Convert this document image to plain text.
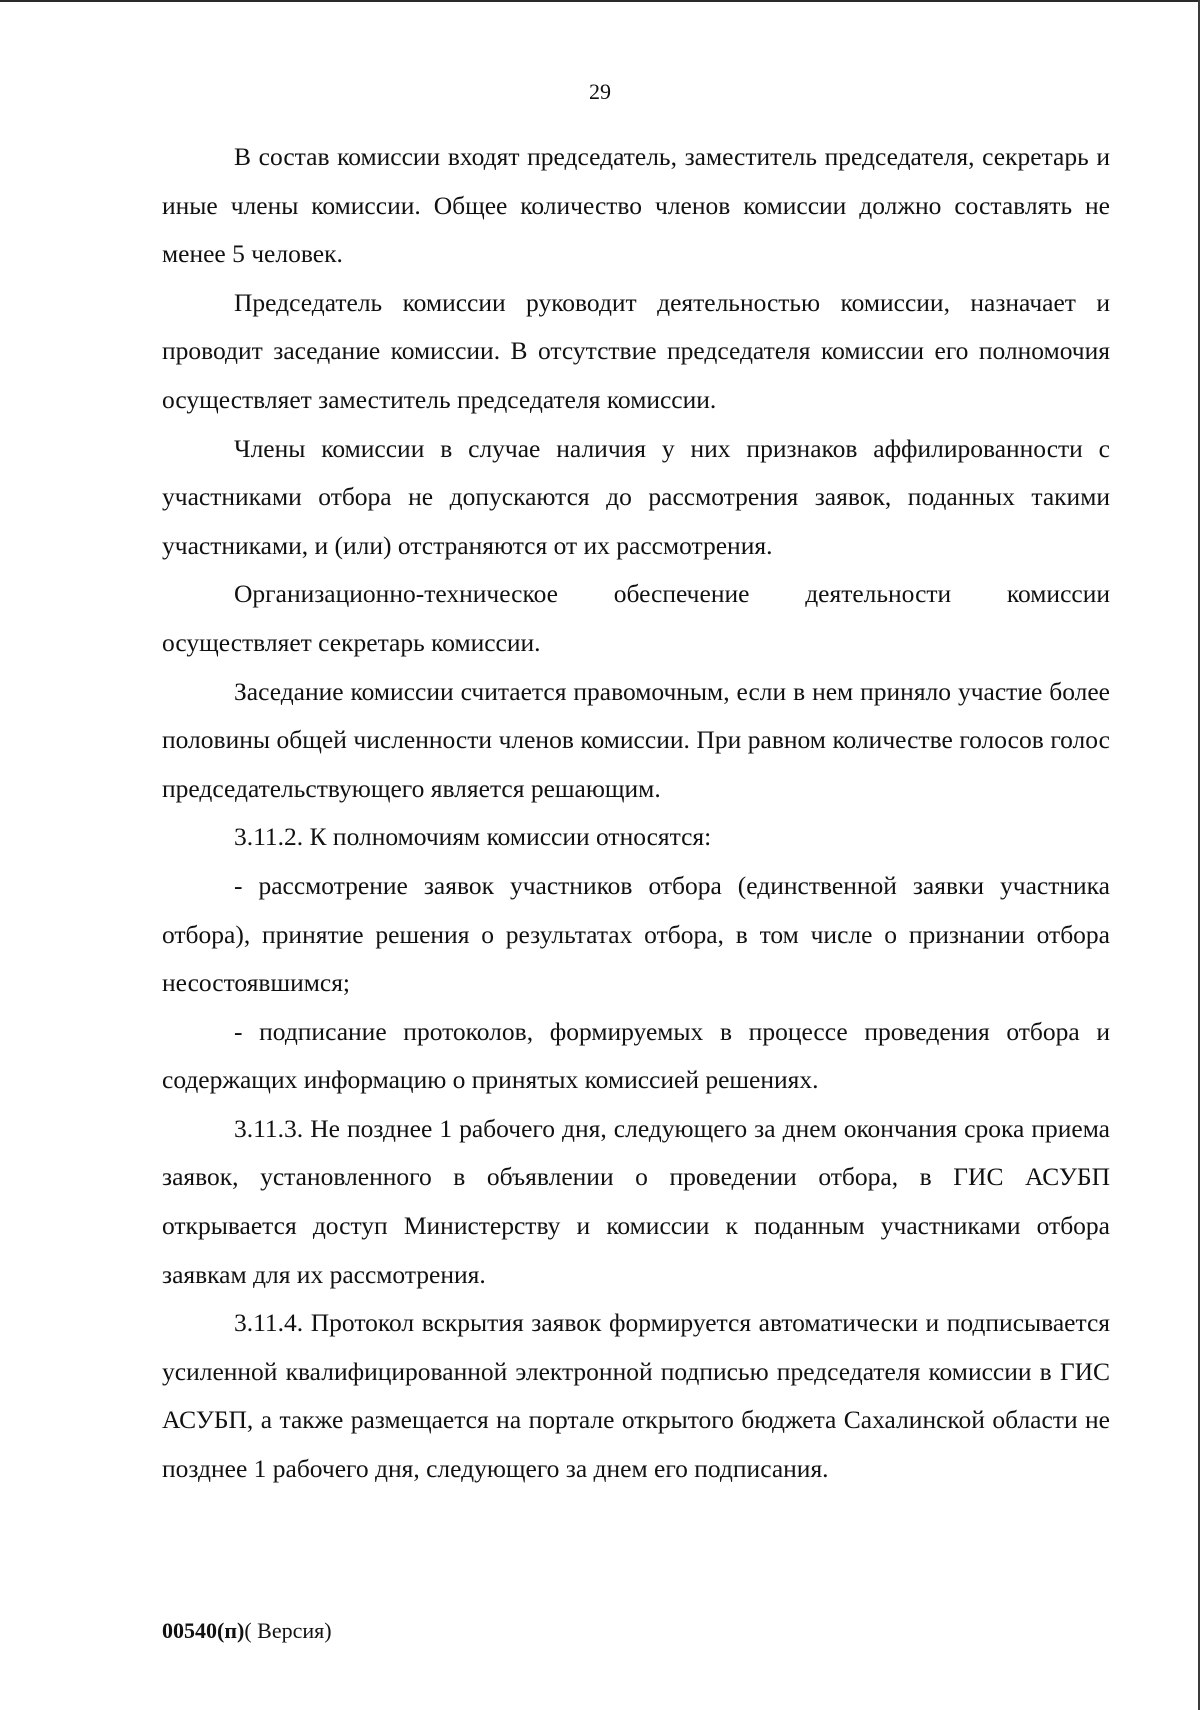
29

В состав комиссии входят председатель, заместитель председателя, секретарь и иные члены комиссии. Общее количество членов комиссии должно составлять не менее 5 человек.

Председатель комиссии руководит деятельностью комиссии, назначает и проводит заседание комиссии. В отсутствие председателя комиссии его полномочия осуществляет заместитель председателя комиссии.

Члены комиссии в случае наличия у них признаков аффилированности с участниками отбора не допускаются до рассмотрения заявок, поданных такими участниками, и (или) отстраняются от их рассмотрения.

Организационно-техническое обеспечение деятельности комиссии осуществляет секретарь комиссии.

Заседание комиссии считается правомочным, если в нем приняло участие более половины общей численности членов комиссии. При равном количестве голосов голос председательствующего является решающим.

3.11.2. К полномочиям комиссии относятся:

- рассмотрение заявок участников отбора (единственной заявки участника отбора), принятие решения о результатах отбора, в том числе о признании отбора несостоявшимся;

- подписание протоколов, формируемых в процессе проведения отбора и содержащих информацию о принятых комиссией решениях.

3.11.3. Не позднее 1 рабочего дня, следующего за днем окончания срока приема заявок, установленного в объявлении о проведении отбора, в ГИС АСУБП открывается доступ Министерству и комиссии к поданным участниками отбора заявкам для их рассмотрения.

3.11.4. Протокол вскрытия заявок формируется автоматически и подписывается усиленной квалифицированной электронной подписью председателя комиссии в ГИС АСУБП, а также размещается на портале открытого бюджета Сахалинской области не позднее 1 рабочего дня, следующего за днем его подписания.

00540(п)( Версия)
